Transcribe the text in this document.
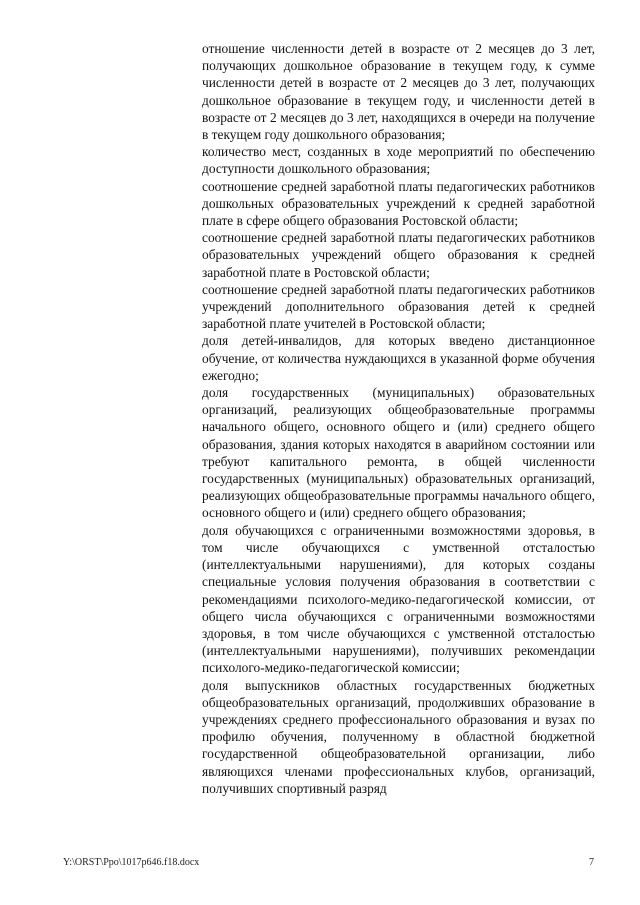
отношение численности детей в возрасте от 2 месяцев до 3 лет, получающих дошкольное образование в текущем году, к сумме численности детей в возрасте от 2 месяцев до 3 лет, получающих дошкольное образование в текущем году, и численности детей в возрасте от 2 месяцев до 3 лет, находящихся в очереди на получение в текущем году дошкольного образования;

количество мест, созданных в ходе мероприятий по обеспечению доступности дошкольного образования;

соотношение средней заработной платы педагогических работников дошкольных образовательных учреждений к средней заработной плате в сфере общего образования Ростовской области;

соотношение средней заработной платы педагогических работников образовательных учреждений общего образования к средней заработной плате в Ростовской области;

соотношение средней заработной платы педагогических работников учреждений дополнительного образования детей к средней заработной плате учителей в Ростовской области;

доля детей-инвалидов, для которых введено дистанционное обучение, от количества нуждающихся в указанной форме обучения ежегодно;

доля государственных (муниципальных) образовательных организаций, реализующих общеобразовательные программы начального общего, основного общего и (или) среднего общего образования, здания которых находятся в аварийном состоянии или требуют капитального ремонта, в общей численности государственных (муниципальных) образовательных организаций, реализующих общеобразовательные программы начального общего, основного общего и (или) среднего общего образования;

доля обучающихся с ограниченными возможностями здоровья, в том числе обучающихся с умственной отсталостью (интеллектуальными нарушениями), для которых созданы специальные условия получения образования в соответствии с рекомендациями психолого-медико-педагогической комиссии, от общего числа обучающихся с ограниченными возможностями здоровья, в том числе обучающихся с умственной отсталостью (интеллектуальными нарушениями), получивших рекомендации психолого-медико-педагогической комиссии;

доля выпускников областных государственных бюджетных общеобразовательных организаций, продолживших образование в учреждениях среднего профессионального образования и вузах по профилю обучения, полученному в областной бюджетной государственной общеобразовательной организации, либо являющихся членами профессиональных клубов, организаций, получивших спортивный разряд

Y:\ORST\Ppo\1017p646.f18.docx	7
